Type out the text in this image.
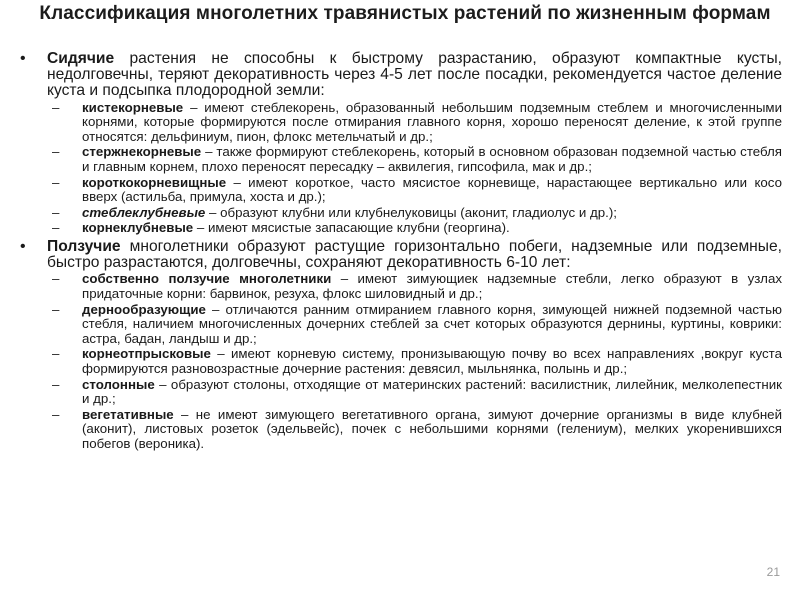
Классификация многолетних травянистых растений по жизненным формам
• Сидячие растения не способны к быстрому разрастанию, образуют компактные кусты, недолговечны, теряют декоративность через 4-5 лет после посадки, рекомендуется частое деление куста и подсыпка плодородной земли:
– кистекорневые – имеют стеблекорень, образованный небольшим подземным стеблем и многочисленными корнями, которые формируются после отмирания главного корня, хорошо переносят деление, к этой группе относятся: дельфиниум, пион, флокс метельчатый и др.;
– стержнекорневые – также формируют стеблекорень, который в основном образован подземной частью стебля и главным корнем, плохо переносят пересадку – аквилегия, гипсофила, мак и др.;
– короткокорневищные – имеют короткое, часто мясистое корневище, нарастающее вертикально или косо вверх (астильба, примула, хоста и др.);
– стеблеклубневые – образуют клубни или клубнелуковицы (аконит, гладиолус и др.);
– корнеклубневые – имеют мясистые запасающие клубни (георгина).
• Ползучие многолетники образуют растущие горизонтально побеги, надземные или подземные, быстро разрастаются, долговечны, сохраняют декоративность 6-10 лет:
– собственно ползучие многолетники – имеют зимующиек надземные стебли, легко образуют в узлах придаточные корни: барвинок, резуха, флокс шиловидный и др.;
– дернообразующие – отличаются ранним отмиранием главного корня, зимующей нижней подземной частью стебля, наличием многочисленных дочерних стеблей за счет которых образуются дернины, куртины, коврики: астра, бадан, ландыш и др.;
– корнеотпрысковые – имеют корневую систему, пронизывающую почву во всех направлениях ,вокруг куста формируются разновозрастные дочерние растения: девясил, мыльнянка, полынь и др.;
– столонные – образуют столоны, отходящие от материнских растений: василистник, лилейник, мелколепестник и др.;
– вегетативные – не имеют зимующего вегетативного органа, зимуют дочерние организмы в виде клубней (аконит), листовых розеток (эдельвейс), почек с небольшими корнями (гелениум), мелких укоренившихся побегов (вероника).
21
